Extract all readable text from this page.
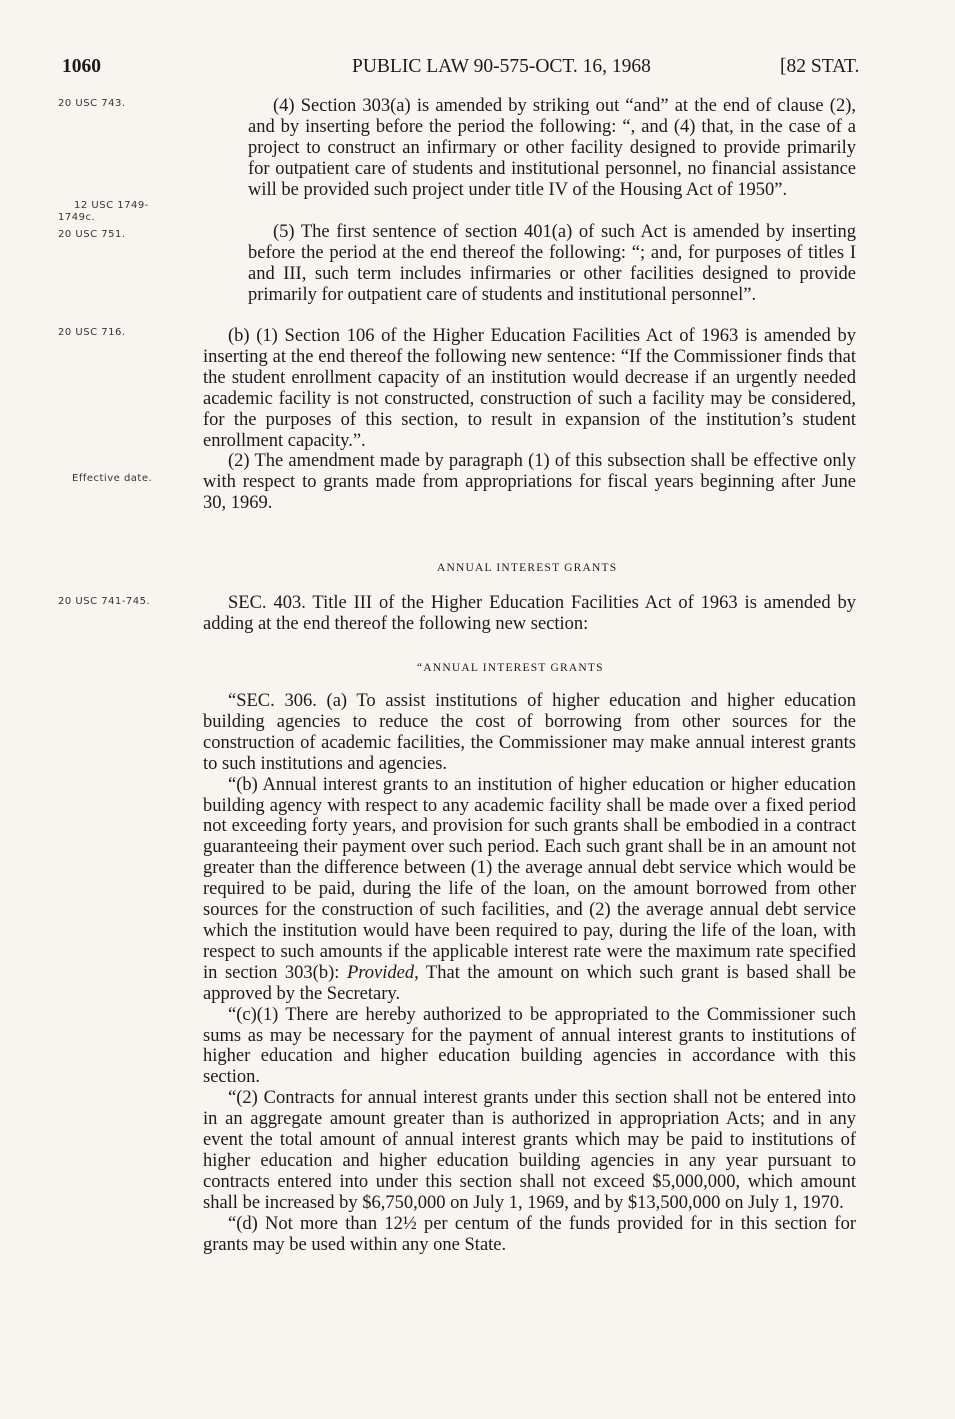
1060	PUBLIC LAW 90-575-OCT. 16, 1968	[82 STAT.
20 USC 743.
12 USC 1749-
1749c.
20 USC 751.
20 USC 716.
Effective date.
20 USC 741-745.

(4) Section 303(a) is amended by striking out “and” at the end of clause (2), and by inserting before the period the following: “, and (4) that, in the case of a project to construct an infirmary or other facility designed to provide primarily for outpatient care of students and institutional personnel, no financial assistance will be provided such project under title IV of the Housing Act of 1950”.

(5) The first sentence of section 401(a) of such Act is amended by inserting before the period at the end thereof the following: “; and, for purposes of titles I and III, such term includes infirmaries or other facilities designed to provide primarily for outpatient care of students and institutional personnel”.

(b) (1) Section 106 of the Higher Education Facilities Act of 1963 is amended by inserting at the end thereof the following new sentence: “If the Commissioner finds that the student enrollment capacity of an institution would decrease if an urgently needed academic facility is not constructed, construction of such a facility may be considered, for the purposes of this section, to result in expansion of the institution’s student enrollment capacity.”.

(2) The amendment made by paragraph (1) of this subsection shall be effective only with respect to grants made from appropriations for fiscal years beginning after June 30, 1969.

ANNUAL INTEREST GRANTS

SEC. 403. Title III of the Higher Education Facilities Act of 1963 is amended by adding at the end thereof the following new section:

“ANNUAL INTEREST GRANTS

“SEC. 306. (a) To assist institutions of higher education and higher education building agencies to reduce the cost of borrowing from other sources for the construction of academic facilities, the Commissioner may make annual interest grants to such institutions and agencies.

“(b) Annual interest grants to an institution of higher education or higher education building agency with respect to any academic facility shall be made over a fixed period not exceeding forty years, and provision for such grants shall be embodied in a contract guaranteeing their payment over such period. Each such grant shall be in an amount not greater than the difference between (1) the average annual debt service which would be required to be paid, during the life of the loan, on the amount borrowed from other sources for the construction of such facilities, and (2) the average annual debt service which the institution would have been required to pay, during the life of the loan, with respect to such amounts if the applicable interest rate were the maximum rate specified in section 303(b): Provided, That the amount on which such grant is based shall be approved by the Secretary.

“(c)(1) There are hereby authorized to be appropriated to the Commissioner such sums as may be necessary for the payment of annual interest grants to institutions of higher education and higher education building agencies in accordance with this section.

“(2) Contracts for annual interest grants under this section shall not be entered into in an aggregate amount greater than is authorized in appropriation Acts; and in any event the total amount of annual interest grants which may be paid to institutions of higher education and higher education building agencies in any year pursuant to contracts entered into under this section shall not exceed $5,000,000, which amount shall be increased by $6,750,000 on July 1, 1969, and by $13,500,000 on July 1, 1970.

“(d) Not more than 12½ per centum of the funds provided for in this section for grants may be used within any one State.
